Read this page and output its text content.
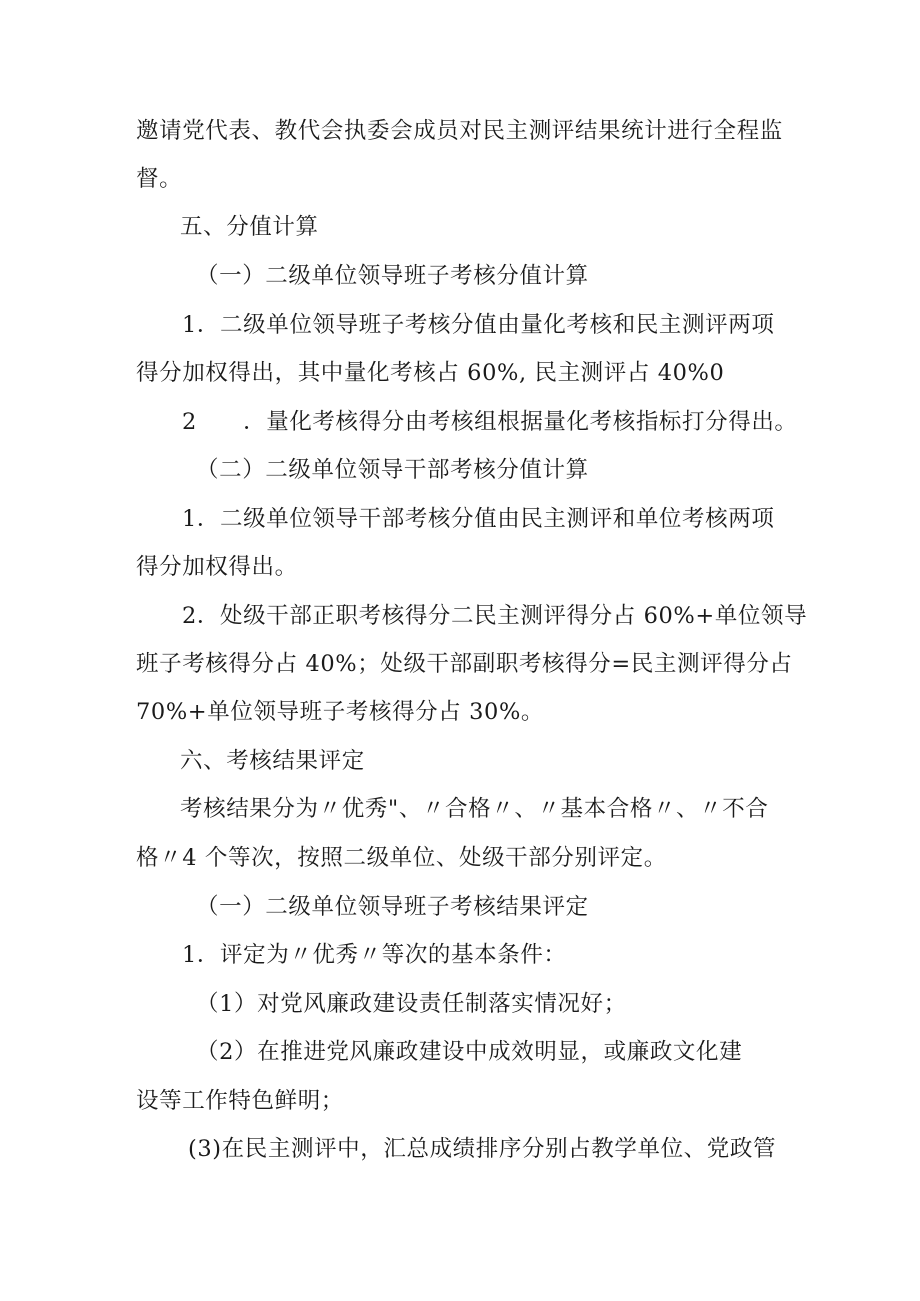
邀请党代表、教代会执委会成员对民主测评结果统计进行全程监
督。
五、分值计算
（一）二级单位领导班子考核分值计算
1．二级单位领导班子考核分值由量化考核和民主测评两项
得分加权得出，其中量化考核占 60%, 民主测评占 40%0
2　　．量化考核得分由考核组根据量化考核指标打分得出。
（二）二级单位领导干部考核分值计算
1．二级单位领导干部考核分值由民主测评和单位考核两项
得分加权得出。
2．处级干部正职考核得分二民主测评得分占 60%+单位领导
班子考核得分占 40%；处级干部副职考核得分=民主测评得分占
70%+单位领导班子考核得分占 30%。
六、考核结果评定
考核结果分为〃优秀"、〃合格〃、〃基本合格〃、〃不合
格〃4 个等次，按照二级单位、处级干部分别评定。
（一）二级单位领导班子考核结果评定
1．评定为〃优秀〃等次的基本条件：
（1）对党风廉政建设责任制落实情况好；
（2）在推进党风廉政建设中成效明显，或廉政文化建
设等工作特色鲜明；
(3)在民主测评中，汇总成绩排序分别占教学单位、党政管
